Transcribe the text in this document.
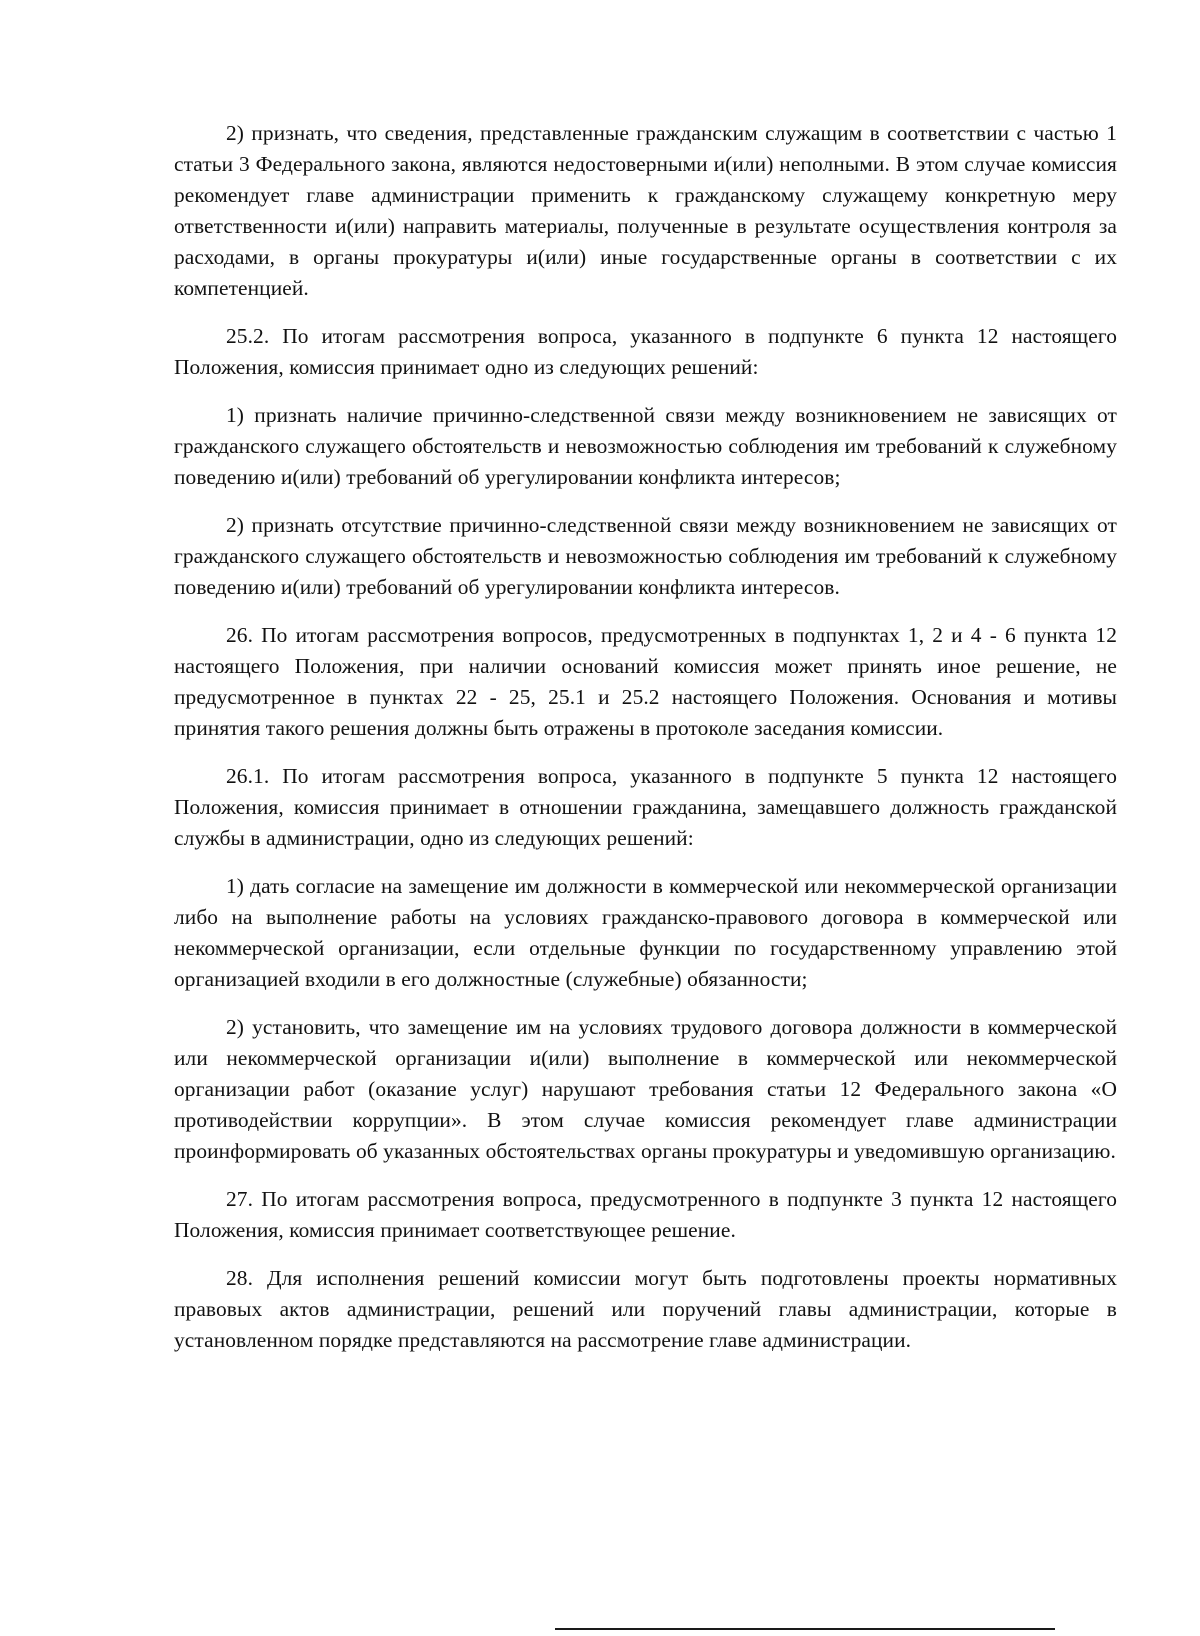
2) признать, что сведения, представленные гражданским служащим в соответствии с частью 1 статьи 3 Федерального закона, являются недостоверными и(или) неполными. В этом случае комиссия рекомендует главе администрации применить к гражданскому служащему конкретную меру ответственности и(или) направить материалы, полученные в результате осуществления контроля за расходами, в органы прокуратуры и(или) иные государственные органы в соответствии с их компетенцией.

25.2. По итогам рассмотрения вопроса, указанного в подпункте 6 пункта 12 настоящего Положения, комиссия принимает одно из следующих решений:

1) признать наличие причинно-следственной связи между возникновением не зависящих от гражданского служащего обстоятельств и невозможностью соблюдения им требований к служебному поведению и(или) требований об урегулировании конфликта интересов;

2) признать отсутствие причинно-следственной связи между возникновением не зависящих от гражданского служащего обстоятельств и невозможностью соблюдения им требований к служебному поведению и(или) требований об урегулировании конфликта интересов.

26. По итогам рассмотрения вопросов, предусмотренных в подпунктах 1, 2 и 4 - 6 пункта 12 настоящего Положения, при наличии оснований комиссия может принять иное решение, не предусмотренное в пунктах 22 - 25, 25.1 и 25.2 настоящего Положения. Основания и мотивы принятия такого решения должны быть отражены в протоколе заседания комиссии.

26.1. По итогам рассмотрения вопроса, указанного в подпункте 5 пункта 12 настоящего Положения, комиссия принимает в отношении гражданина, замещавшего должность гражданской службы в администрации, одно из следующих решений:

1) дать согласие на замещение им должности в коммерческой или некоммерческой организации либо на выполнение работы на условиях гражданско-правового договора в коммерческой или некоммерческой организации, если отдельные функции по государственному управлению этой организацией входили в его должностные (служебные) обязанности;

2) установить, что замещение им на условиях трудового договора должности в коммерческой или некоммерческой организации и(или) выполнение в коммерческой или некоммерческой организации работ (оказание услуг) нарушают требования статьи 12 Федерального закона «О противодействии коррупции». В этом случае комиссия рекомендует главе администрации проинформировать об указанных обстоятельствах органы прокуратуры и уведомившую организацию.

27. По итогам рассмотрения вопроса, предусмотренного в подпункте 3 пункта 12 настоящего Положения, комиссия принимает соответствующее решение.

28. Для исполнения решений комиссии могут быть подготовлены проекты нормативных правовых актов администрации, решений или поручений главы администрации, которые в установленном порядке представляются на рассмотрение главе администрации.
